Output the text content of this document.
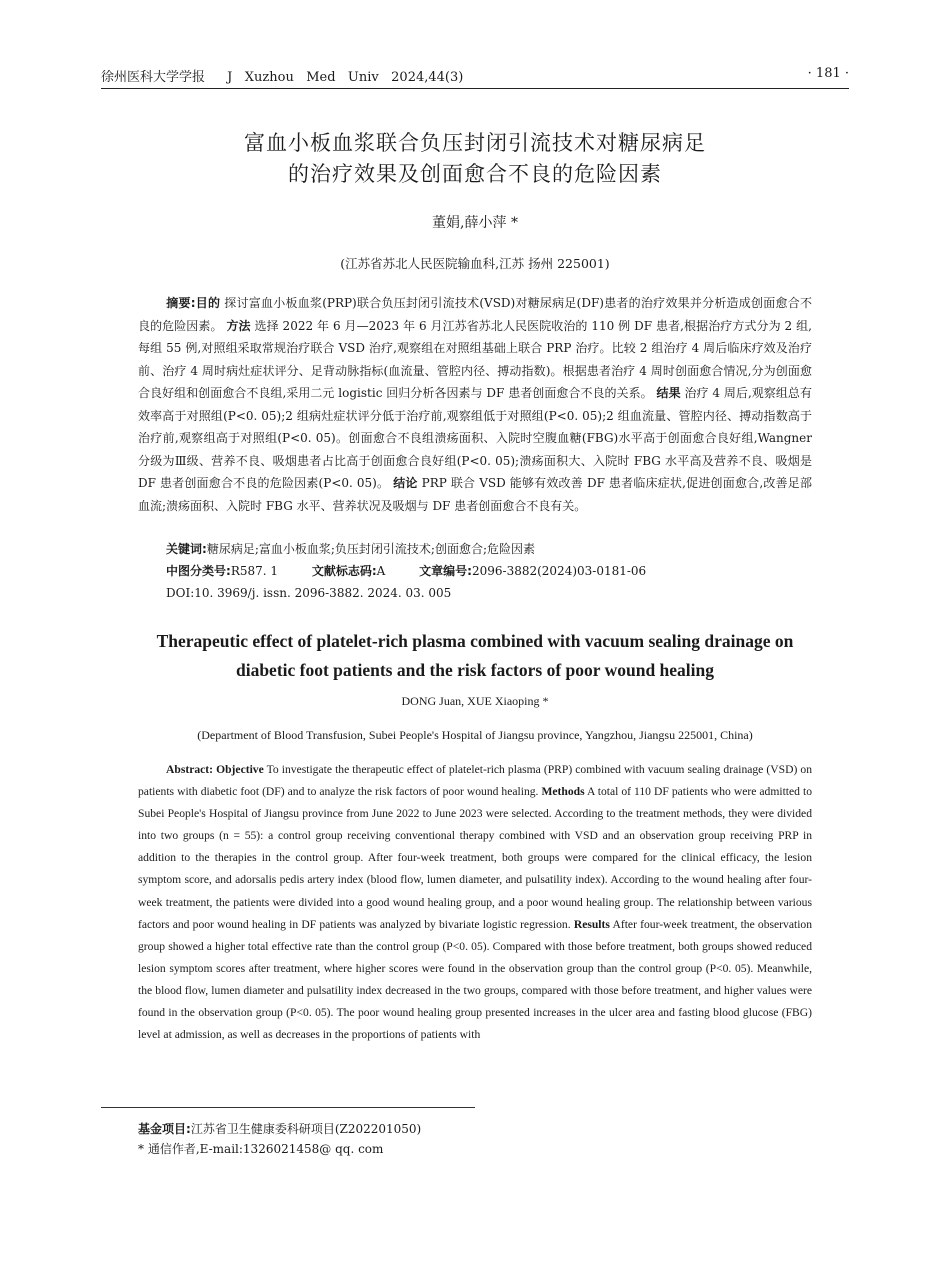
徐州医科大学学报 J   Xuzhou   Med   Univ   2024,44(3)	· 181 ·
富血小板血浆联合负压封闭引流技术对糖尿病足
的治疗效果及创面愈合不良的危险因素
董娟,薛小萍 *
(江苏省苏北人民医院输血科,江苏 扬州 225001)
摘要:目的 探讨富血小板血浆(PRP)联合负压封闭引流技术(VSD)对糖尿病足(DF)患者的治疗效果并分析造成创面愈合不良的危险因素。 方法 选择 2022 年 6 月—2023 年 6 月江苏省苏北人民医院收治的 110 例 DF 患者,根据治疗方式分为 2 组,每组 55 例,对照组采取常规治疗联合 VSD 治疗,观察组在对照组基础上联合 PRP 治疗。比较 2 组治疗 4 周后临床疗效及治疗前、治疗 4 周时病灶症状评分、足背动脉指标(血流量、管腔内径、搏动指数)。根据患者治疗 4 周时创面愈合情况,分为创面愈合良好组和创面愈合不良组,采用二元 logistic 回归分析各因素与 DF 患者创面愈合不良的关系。 结果 治疗 4 周后,观察组总有效率高于对照组(P<0. 05);2 组病灶症状评分低于治疗前,观察组低于对照组(P<0. 05);2 组血流量、管腔内径、搏动指数高于治疗前,观察组高于对照组(P<0. 05)。创面愈合不良组溃疡面积、入院时空腹血糖(FBG)水平高于创面愈合良好组,Wangner 分级为Ⅲ级、营养不良、吸烟患者占比高于创面愈合良好组(P<0. 05);溃疡面积大、入院时 FBG 水平高及营养不良、吸烟是 DF 患者创面愈合不良的危险因素(P<0. 05)。 结论 PRP 联合 VSD 能够有效改善 DF 患者临床症状,促进创面愈合,改善足部血流;溃疡面积、入院时 FBG 水平、营养状况及吸烟与 DF 患者创面愈合不良有关。
关键词:糖尿病足;富血小板血浆;负压封闭引流技术;创面愈合;危险因素
中图分类号:R587. 1	文献标志码:A	文章编号:2096-3882(2024)03-0181-06
DOI:10. 3969/j. issn. 2096-3882. 2024. 03. 005
Therapeutic effect of platelet-rich plasma combined with vacuum sealing drainage on
diabetic foot patients and the risk factors of poor wound healing
DONG Juan, XUE Xiaoping *
(Department of Blood Transfusion, Subei People's Hospital of Jiangsu province, Yangzhou, Jiangsu 225001, China)
Abstract: Objective To investigate the therapeutic effect of platelet-rich plasma (PRP) combined with vacuum sealing drainage (VSD) on patients with diabetic foot (DF) and to analyze the risk factors of poor wound healing. Methods A total of 110 DF patients who were admitted to Subei People's Hospital of Jiangsu province from June 2022 to June 2023 were selected. According to the treatment methods, they were divided into two groups (n = 55): a control group receiving conventional therapy combined with VSD and an observation group receiving PRP in addition to the therapies in the control group. After four-week treatment, both groups were compared for the clinical efficacy, the lesion symptom score, and adorsalis pedis artery index (blood flow, lumen diameter, and pulsatility index). According to the wound healing after four-week treatment, the patients were divided into a good wound healing group, and a poor wound healing group. The relationship between various factors and poor wound healing in DF patients was analyzed by bivariate logistic regression. Results After four-week treatment, the observation group showed a higher total effective rate than the control group (P<0. 05). Compared with those before treatment, both groups showed reduced lesion symptom scores after treatment, where higher scores were found in the observation group than the control group (P<0. 05). Meanwhile, the blood flow, lumen diameter and pulsatility index decreased in the two groups, compared with those before treatment, and higher values were found in the observation group (P<0. 05). The poor wound healing group presented increases in the ulcer area and fasting blood glucose (FBG) level at admission, as well as decreases in the proportions of patients with
基金项目:江苏省卫生健康委科研项目(Z202201050)
* 通信作者,E-mail:1326021458@ qq. com
